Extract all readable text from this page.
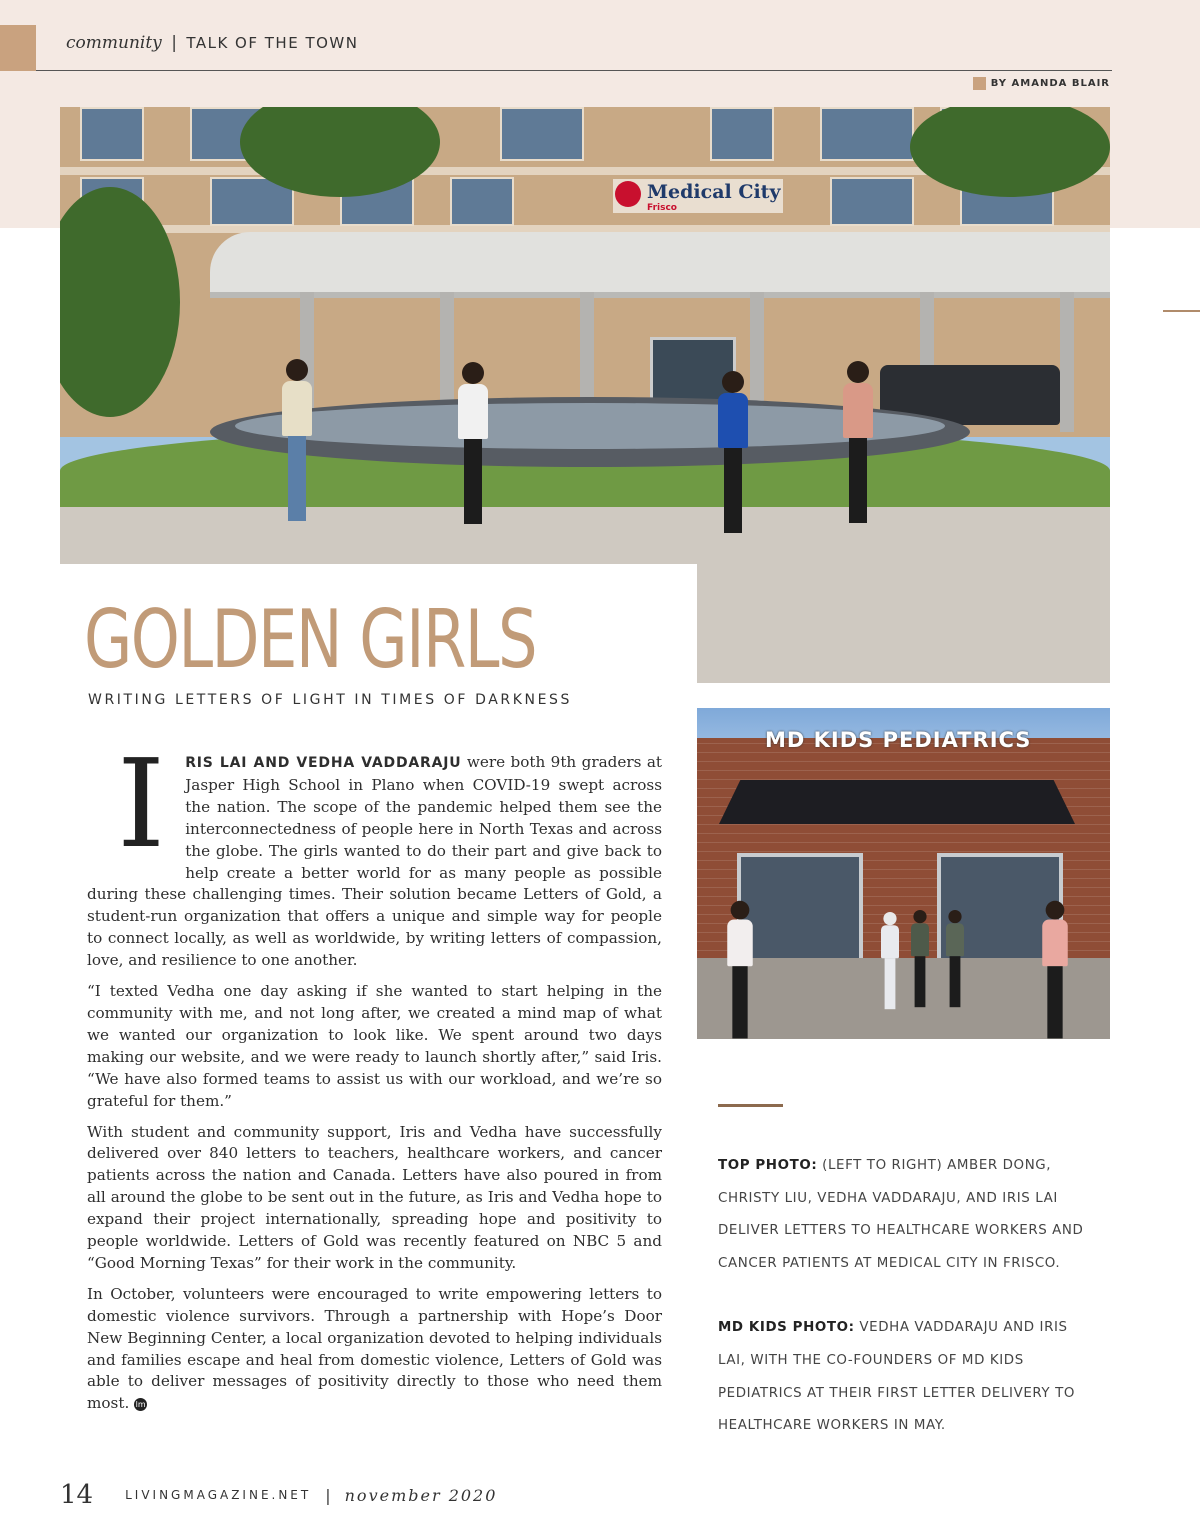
community | TALK OF THE TOWN
BY AMANDA BLAIR
Medical City
Frisco
MD KIDS PEDIATRICS
GOLDEN GIRLS
WRITING LETTERS OF LIGHT IN TIMES OF DARKNESS

I RIS LAI AND VEDHA VADDARAJU were both 9th graders at Jasper High School in Plano when COVID-19 swept across the nation. The scope of the pandemic helped them see the interconnectedness of people here in North Texas and across the globe. The girls wanted to do their part and give back to help create a better world for as many people as possible during these challenging times. Their solution became Letters of Gold, a student-run organization that offers a unique and simple way for people to connect locally, as well as worldwide, by writing letters of compassion, love, and resilience to one another.

“I texted Vedha one day asking if she wanted to start helping in the community with me, and not long after, we created a mind map of what we wanted our organization to look like. We spent around two days making our website, and we were ready to launch shortly after,” said Iris. “We have also formed teams to assist us with our workload, and we’re so grateful for them.”

With student and community support, Iris and Vedha have successfully delivered over 840 letters to teachers, healthcare workers, and cancer patients across the nation and Canada. Letters have also poured in from all around the globe to be sent out in the future, as Iris and Vedha hope to expand their project internationally, spreading hope and positivity to people worldwide. Letters of Gold was recently featured on NBC 5 and “Good Morning Texas” for their work in the community.

In October, volunteers were encouraged to write empowering letters to domestic violence survivors. Through a partnership with Hope’s Door New Beginning Center, a local organization devoted to helping individuals and families escape and heal from domestic violence, Letters of Gold was able to deliver messages of positivity directly to those who need them most. lm

TOP PHOTO: (LEFT TO RIGHT) AMBER DONG, CHRISTY LIU, VEDHA VADDARAJU, AND IRIS LAI DELIVER LETTERS TO HEALTHCARE WORKERS AND CANCER PATIENTS AT MEDICAL CITY IN FRISCO.

MD KIDS PHOTO: VEDHA VADDARAJU AND IRIS LAI, WITH THE CO-FOUNDERS OF MD KIDS PEDIATRICS AT THEIR FIRST LETTER DELIVERY TO HEALTHCARE WORKERS IN MAY.

14	LIVINGMAGAZINE.NET | november 2020
